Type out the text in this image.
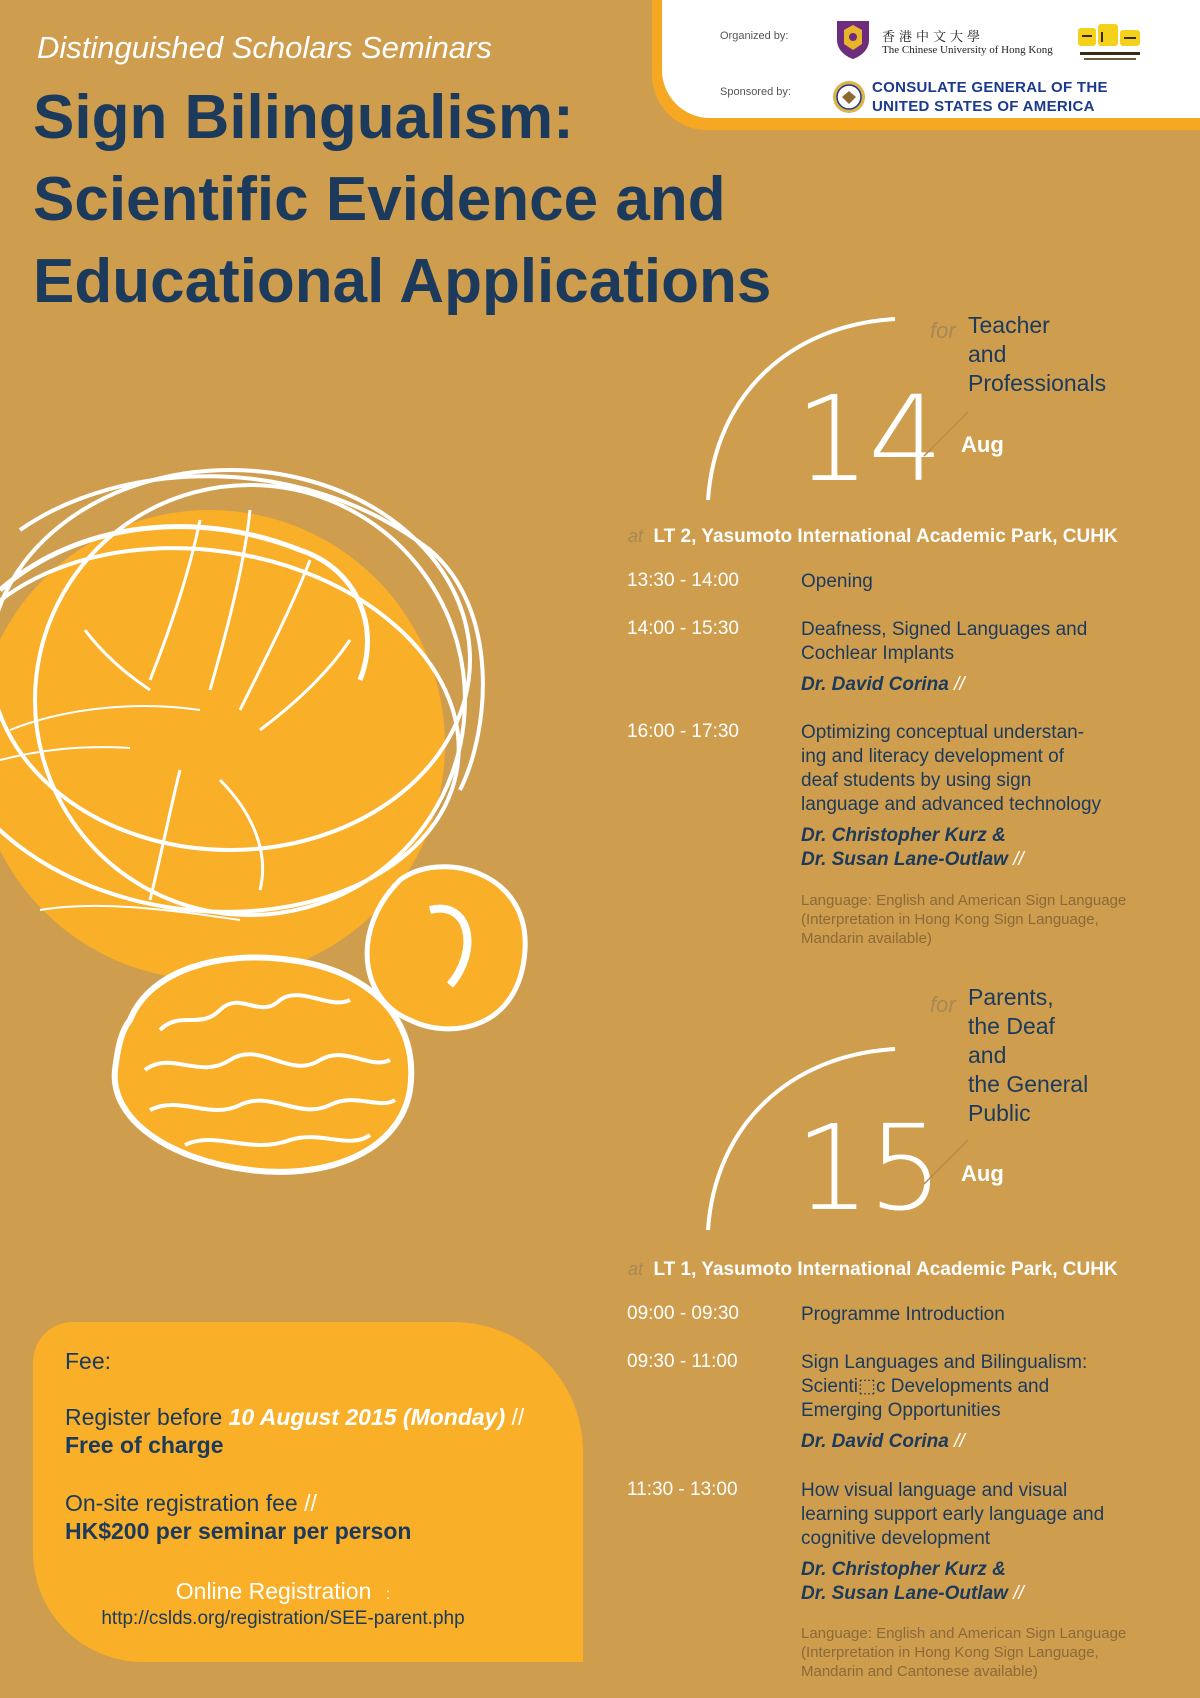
Organized by:	香港中文大學
The Chinese University of Hong Kong
Sponsored by:	CONSULATE GENERAL OF THE
UNITED STATES OF AMERICA
Distinguished Scholars Seminars
Sign Bilingualism:
Scientific Evidence and
Educational Applications
for Teacher
and
Professionals
14 Aug
at LT 2, Yasumoto International Academic Park, CUHK
13:30 - 14:00	Opening
14:00 - 15:30	Deafness, Signed Languages and
Cochlear Implants
Dr. David Corina //
16:00 - 17:30	Optimizing conceptual understan-
ing and literacy development of
deaf students by using sign
language and advanced technology
Dr. Christopher Kurz &
Dr. Susan Lane-Outlaw //
Language: English and American Sign Language
(Interpretation in Hong Kong Sign Language,
Mandarin available)
for Parents,
the Deaf
and
the General
Public
15 Aug
at LT 1, Yasumoto International Academic Park, CUHK
09:00 - 09:30	Programme Introduction
09:30 - 11:00	Sign Languages and Bilingualism:
Scienti⬚c Developments and
Emerging Opportunities
Dr. David Corina //
11:30 - 13:00	How visual language and visual
learning support early language and
cognitive development
Dr. Christopher Kurz &
Dr. Susan Lane-Outlaw //
Language: English and American Sign Language
(Interpretation in Hong Kong Sign Language,
Mandarin and Cantonese available)
Fee:
Register before 10 August 2015 (Monday) //
Free of charge
On-site registration fee //
HK$200 per seminar per person
Online Registration :
http://cslds.org/registration/SEE-parent.php
